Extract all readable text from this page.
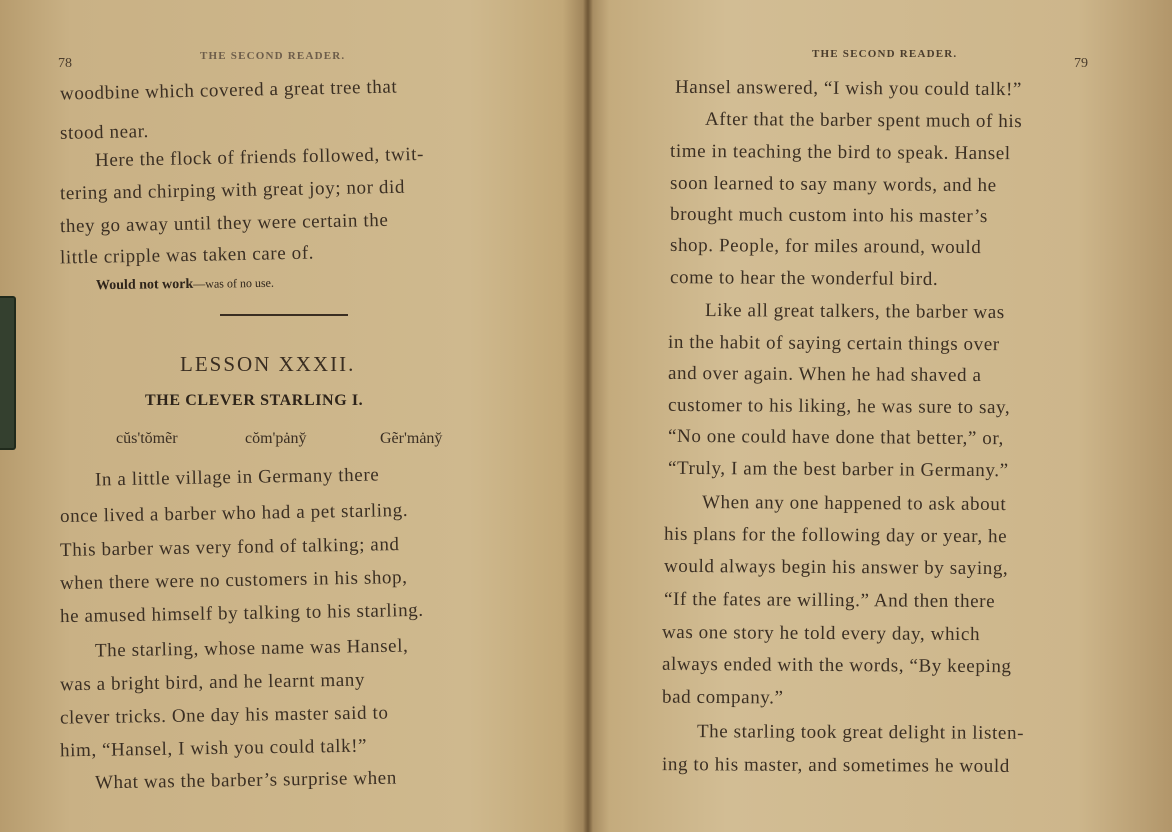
78	THE SECOND READER.
woodbine which covered a great tree that
stood near.
Here the flock of friends followed, twit-
tering and chirping with great joy; nor did
they go away until they were certain the
little cripple was taken care of.
Would not work—was of no use.
LESSON XXXII.
THE CLEVER STARLING I.
cŭs'tŏmẽr	cŏm'pȧny̆	Gẽr'mȧny̆
In a little village in Germany there
once lived a barber who had a pet starling.
This barber was very fond of talking; and
when there were no customers in his shop,
he amused himself by talking to his starling.
The starling, whose name was Hansel,
was a bright bird, and he learnt many
clever tricks. One day his master said to
him, “Hansel, I wish you could talk!”
What was the barber’s surprise when
THE SECOND READER.
79
Hansel answered, “I wish you could talk!”
After that the barber spent much of his
time in teaching the bird to speak. Hansel
soon learned to say many words, and he
brought much custom into his master’s
shop. People, for miles around, would
come to hear the wonderful bird.
Like all great talkers, the barber was
in the habit of saying certain things over
and over again. When he had shaved a
customer to his liking, he was sure to say,
“No one could have done that better,” or,
“Truly, I am the best barber in Germany.”
When any one happened to ask about
his plans for the following day or year, he
would always begin his answer by saying,
“If the fates are willing.” And then there
was one story he told every day, which
always ended with the words, “By keeping
bad company.”
The starling took great delight in listen-
ing to his master, and sometimes he would
